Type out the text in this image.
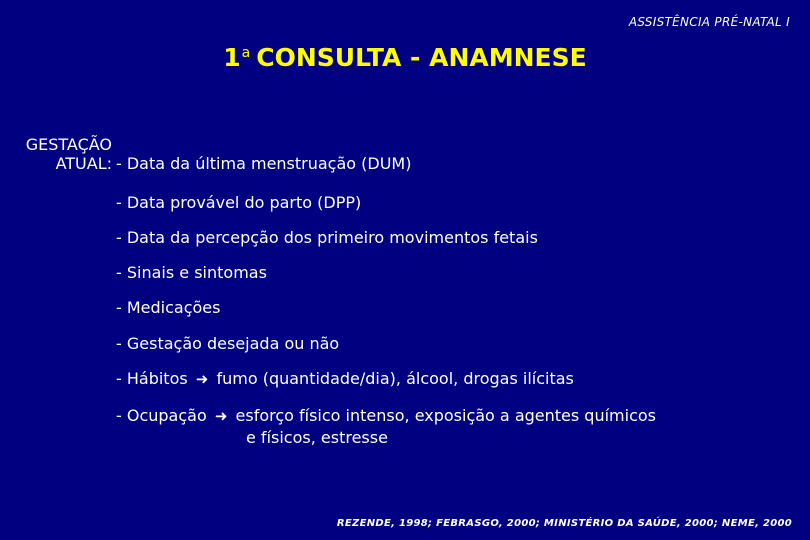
ASSISTÊNCIA PRÉ-NATAL I
1$^a$ CONSULTA - ANAMNESE
GESTAÇÃO
ATUAL: - Data da última menstruação (DUM)
- Data provável do parto (DPP)
- Data da percepção dos primeiro movimentos fetais
- Sinais e sintomas
- Medicações
- Gestação desejada ou não
- Hábitos ➜ fumo (quantidade/dia), álcool, drogas ilícitas
- Ocupação ➜ esforço físico intenso, exposição a agentes químicos
e físicos, estresse
REZENDE, 1998; FEBRASGO, 2000; MINISTÉRIO DA SAÚDE, 2000; NEME, 2000
